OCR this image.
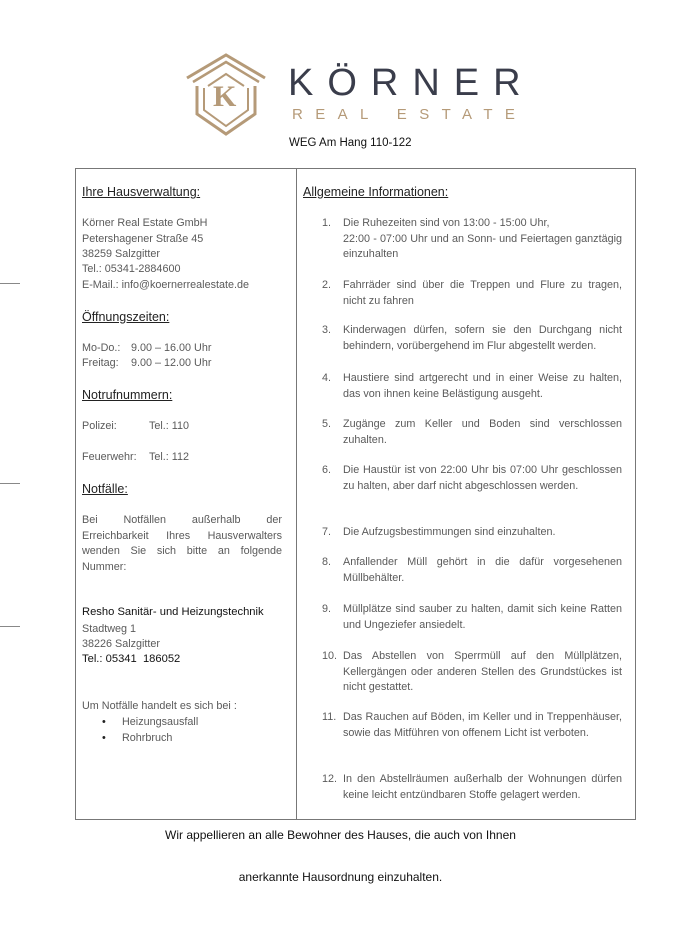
K KÖRNER
REAL ESTATE
WEG Am Hang 110-122
Ihre Hausverwaltung:
Körner Real Estate GmbH
Petershagener Straße 45
38259 Salzgitter
Tel.: 05341-2884600
E-Mail.: info@koernerrealestate.de
Öffnungszeiten:
Mo-Do.: 9.00 – 16.00 Uhr
Freitag: 9.00 – 12.00 Uhr
Notrufnummern:
Polizei:	Tel.: 110
Feuerwehr: Tel.: 112
Notfälle:
Bei Notfällen außerhalb der Erreichbarkeit Ihres Hausverwalters wenden Sie sich bitte an folgende Nummer:
Resho Sanitär- und Heizungstechnik
Stadtweg 1
38226 Salzgitter
Tel.: 05341  186052
Um Notfälle handelt es sich bei :
• Heizungsausfall
• Rohrbruch
Allgemeine Informationen:
1. Die Ruhezeiten sind von 13:00 - 15:00 Uhr,
22:00 - 07:00 Uhr und an Sonn- und Feiertagen ganztägig einzuhalten
2. Fahrräder sind über die Treppen und Flure zu tragen, nicht zu fahren
3. Kinderwagen dürfen, sofern sie den Durchgang nicht behindern, vorübergehend im Flur abgestellt werden.
4. Haustiere sind artgerecht und in einer Weise zu halten, das von ihnen keine Belästigung ausgeht.
5. Zugänge zum Keller und Boden sind verschlossen zuhalten.
6. Die Haustür ist von 22:00 Uhr bis 07:00 Uhr geschlossen zu halten, aber darf nicht abgeschlossen werden.
7. Die Aufzugsbestimmungen sind einzuhalten.
8. Anfallender Müll gehört in die dafür vorgesehenen Müllbehälter.
9. Müllplätze sind sauber zu halten, damit sich keine Ratten und Ungeziefer ansiedelt.
10. Das Abstellen von Sperrmüll auf den Müllplätzen, Kellergängen oder anderen Stellen des Grundstückes ist nicht gestattet.
11. Das Rauchen auf Böden, im Keller und in Treppenhäuser, sowie das Mitführen von offenem Licht ist verboten.
12. In den Abstellräumen außerhalb der Wohnungen dürfen keine leicht entzündbaren Stoffe gelagert werden.
Wir appellieren an alle Bewohner des Hauses, die auch von Ihnen
anerkannte Hausordnung einzuhalten.
